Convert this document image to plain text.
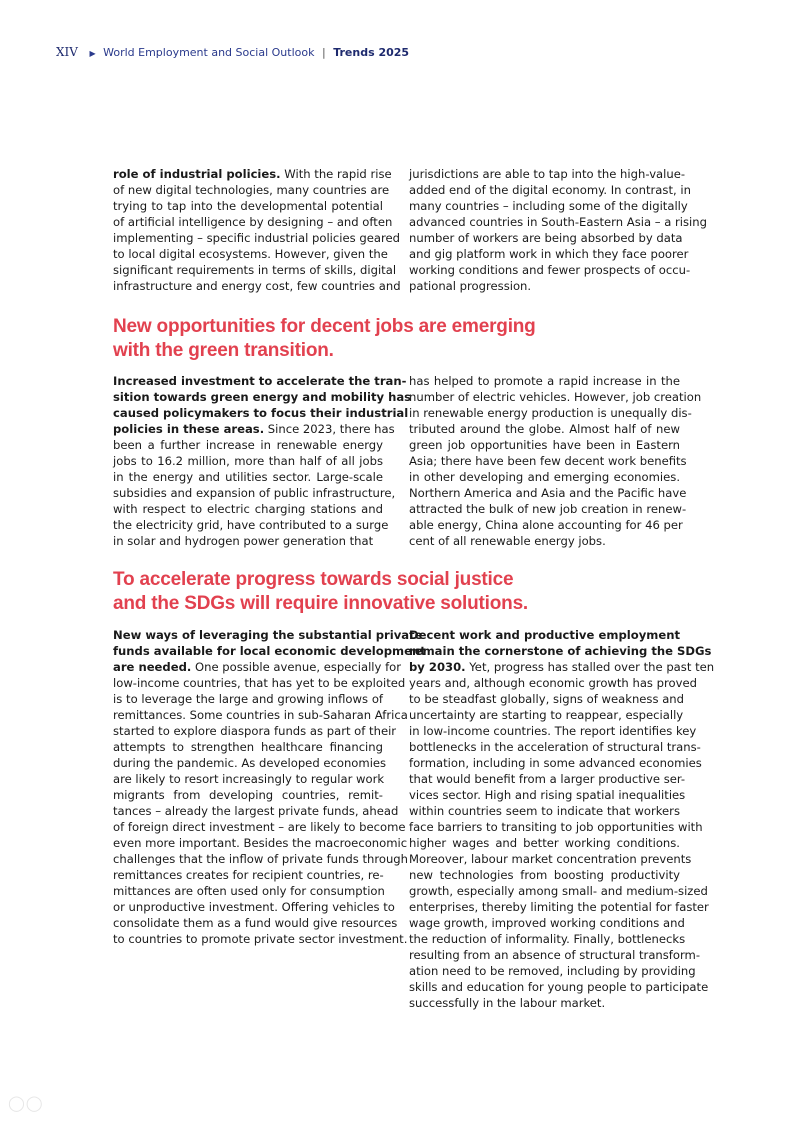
XIV ▶ World Employment and Social Outlook | Trends 2025
role of industrial policies. With the rapid rise
of new digital technologies, many countries are
trying to tap into the developmental potential
of artificial intelligence by designing – and often
implementing – specific industrial policies geared
to local digital ecosystems. However, given the
significant requirements in terms of skills, digital
infrastructure and energy cost, few countries and
jurisdictions are able to tap into the high-value-
added end of the digital economy. In contrast, in
many countries – including some of the digitally
advanced countries in South-Eastern Asia – a rising
number of workers are being absorbed by data
and gig platform work in which they face poorer
working conditions and fewer prospects of occu-
pational progression.
New opportunities for decent jobs are emerging
with the green transition.
Increased investment to accelerate the tran-
sition towards green energy and mobility has
caused policymakers to focus their industrial
policies in these areas. Since 2023, there has
been a further increase in renewable energy
jobs to 16.2 million, more than half of all jobs
in the energy and utilities sector. Large-scale
subsidies and expansion of public infrastructure,
with respect to electric charging stations and
the electricity grid, have contributed to a surge
in solar and hydrogen power generation that
has helped to promote a rapid increase in the
number of electric vehicles. However, job creation
in renewable energy production is unequally dis-
tributed around the globe. Almost half of new
green job opportunities have been in Eastern
Asia; there have been few decent work benefits
in other developing and emerging economies.
Northern America and Asia and the Pacific have
attracted the bulk of new job creation in renew-
able energy, China alone accounting for 46 per
cent of all renewable energy jobs.
To accelerate progress towards social justice
and the SDGs will require innovative solutions.
New ways of leveraging the substantial private
funds available for local economic development
are needed. One possible avenue, especially for
low-income countries, that has yet to be exploited
is to leverage the large and growing inflows of
remittances. Some countries in sub-Saharan Africa
started to explore diaspora funds as part of their
attempts to strengthen healthcare financing
during the pandemic. As developed economies
are likely to resort increasingly to regular work
migrants from developing countries, remit-
tances – already the largest private funds, ahead
of foreign direct investment – are likely to become
even more important. Besides the macroeconomic
challenges that the inflow of private funds through
remittances creates for recipient countries, re-
mittances are often used only for consumption
or unproductive investment. Offering vehicles to
consolidate them as a fund would give resources
to countries to promote private sector investment.
Decent work and productive employment
remain the cornerstone of achieving the SDGs
by 2030. Yet, progress has stalled over the past ten
years and, although economic growth has proved
to be steadfast globally, signs of weakness and
uncertainty are starting to reappear, especially
in low-income countries. The report identifies key
bottlenecks in the acceleration of structural trans-
formation, including in some advanced economies
that would benefit from a larger productive ser-
vices sector. High and rising spatial inequalities
within countries seem to indicate that workers
face barriers to transiting to job opportunities with
higher wages and better working conditions.
Moreover, labour market concentration prevents
new technologies from boosting productivity
growth, especially among small- and medium-sized
enterprises, thereby limiting the potential for faster
wage growth, improved working conditions and
the reduction of informality. Finally, bottlenecks
resulting from an absence of structural transform-
ation need to be removed, including by providing
skills and education for young people to participate
successfully in the labour market.
◯◯
